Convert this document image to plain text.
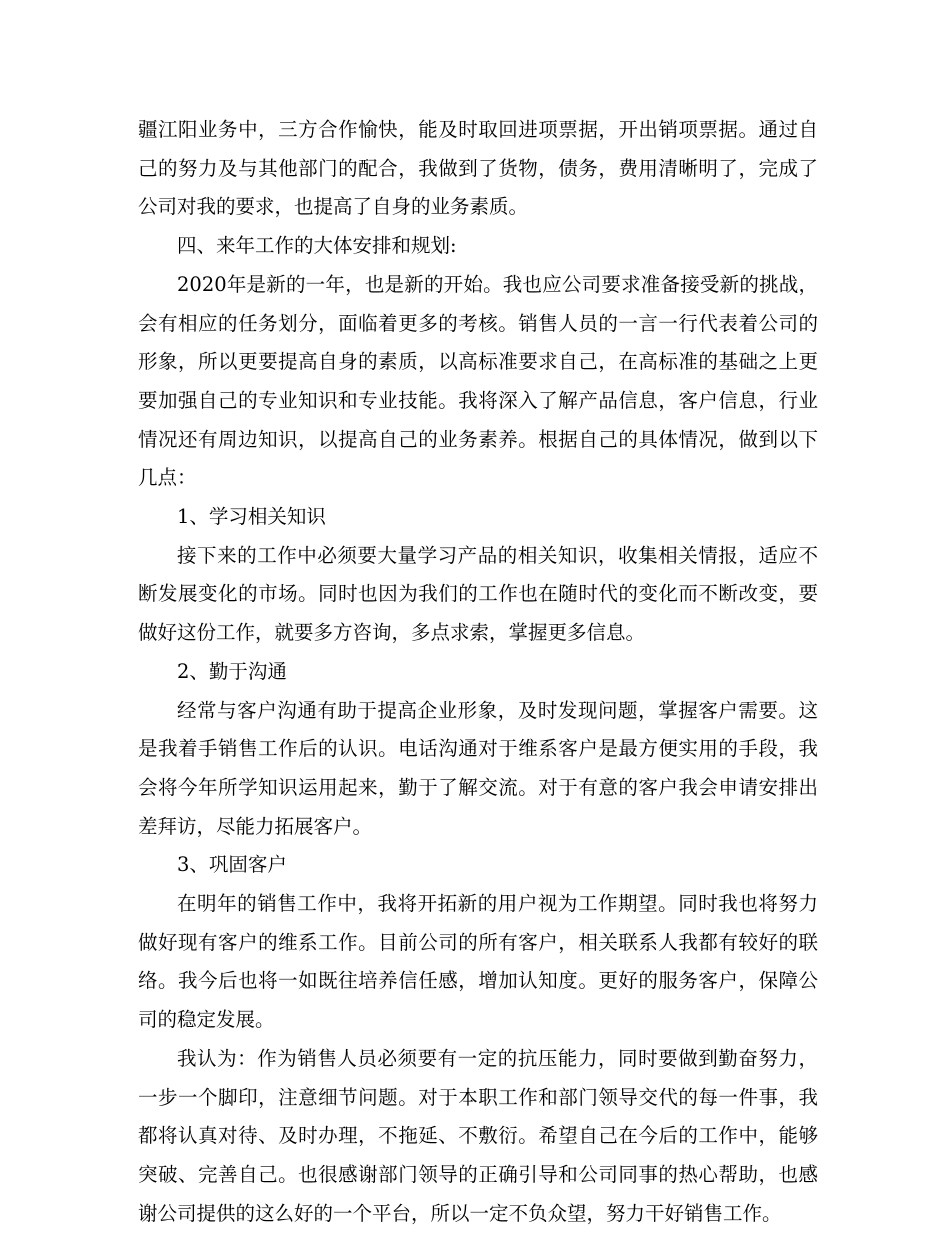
疆江阳业务中，三方合作愉快，能及时取回进项票据，开出销项票据。通过自己的努力及与其他部门的配合，我做到了货物，债务，费用清晰明了，完成了公司对我的要求，也提高了自身的业务素质。

四、来年工作的大体安排和规划:

2020年是新的一年，也是新的开始。我也应公司要求准备接受新的挑战，会有相应的任务划分，面临着更多的考核。销售人员的一言一行代表着公司的形象，所以更要提高自身的素质，以高标准要求自己，在高标准的基础之上更要加强自己的专业知识和专业技能。我将深入了解产品信息，客户信息，行业情况还有周边知识，以提高自己的业务素养。根据自己的具体情况，做到以下几点：

1、学习相关知识

接下来的工作中必须要大量学习产品的相关知识，收集相关情报，适应不断发展变化的市场。同时也因为我们的工作也在随时代的变化而不断改变，要做好这份工作，就要多方咨询，多点求索，掌握更多信息。

2、勤于沟通

经常与客户沟通有助于提高企业形象，及时发现问题，掌握客户需要。这是我着手销售工作后的认识。电话沟通对于维系客户是最方便实用的手段，我会将今年所学知识运用起来，勤于了解交流。对于有意的客户我会申请安排出差拜访，尽能力拓展客户。

3、巩固客户

在明年的销售工作中，我将开拓新的用户视为工作期望。同时我也将努力做好现有客户的维系工作。目前公司的所有客户，相关联系人我都有较好的联络。我今后也将一如既往培养信任感，增加认知度。更好的服务客户，保障公司的稳定发展。

我认为：作为销售人员必须要有一定的抗压能力，同时要做到勤奋努力，一步一个脚印，注意细节问题。对于本职工作和部门领导交代的每一件事，我都将认真对待、及时办理，不拖延、不敷衍。希望自己在今后的工作中，能够突破、完善自己。也很感谢部门领导的正确引导和公司同事的热心帮助，也感谢公司提供的这么好的一个平台，所以一定不负众望，努力干好销售工作。
